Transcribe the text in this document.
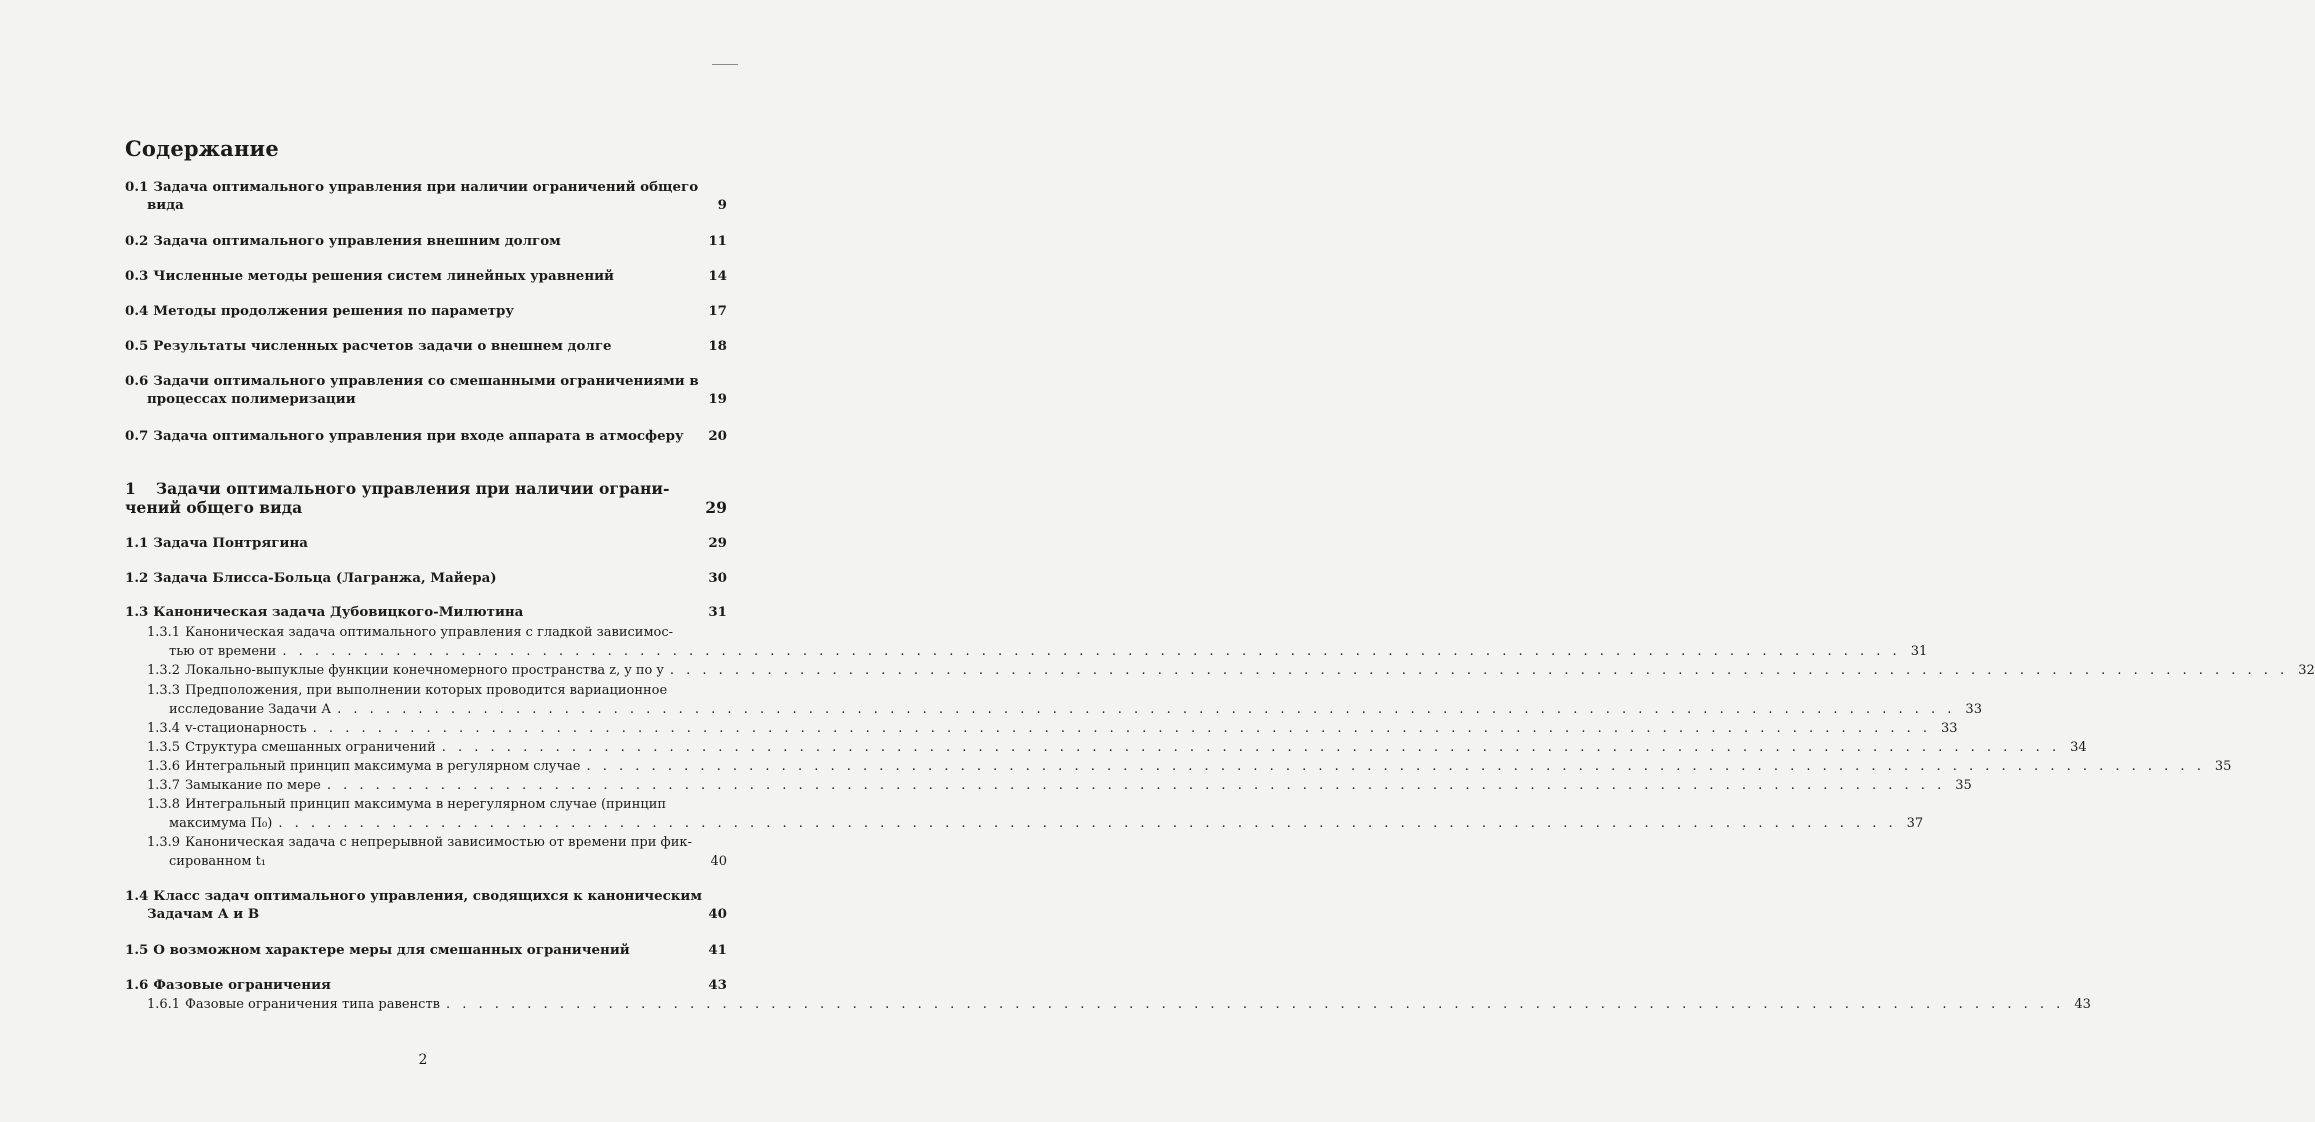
Содержание
0.1 Задача оптимального управления при наличии ограничений общего
вида	9
0.2 Задача оптимального управления внешним долгом	11
0.3 Численные методы решения систем линейных уравнений	14
0.4 Методы продолжения решения по параметру	17
0.5 Результаты численных расчетов задачи о внешнем долге	18
0.6 Задачи оптимального управления со смешанными ограничениями в
процессах полимеризации	19
0.7 Задача оптимального управления при входе аппарата в атмосферу 20
1 Задачи оптимального управления при наличии ограни-
чений общего вида	29
1.1 Задача Понтрягина	29
1.2 Задача Блисса-Больца (Лагранжа, Майера)	30
1.3 Каноническая задача Дубовицкого-Милютина	31
1.3.1 Каноническая задача оптимального управления с гладкой зависимос-
тью от времени . . .	31
1.3.2 Локально-выпуклые функции конечномерного пространства z, y по y . . .	32
1.3.3 Предположения, при выполнении которых проводится вариационное
исследование Задачи А . . .	33
1.3.4 v-стационарность . . .	33
1.3.5 Структура смешанных ограничений . . .	34
1.3.6 Интегральный принцип максимума в регулярном случае . . .	35
1.3.7 Замыкание по мере . . .	35
1.3.8 Интегральный принцип максимума в нерегулярном случае (принцип
максимума П₀) . . .	37
1.3.9 Каноническая задача с непрерывной зависимостью от времени при фик-
сированном t₁	40
1.4 Класс задач оптимального управления, сводящихся к каноническим
Задачам А и В	40
1.5 О возможном характере меры для смешанных ограничений	41
1.6 Фазовые ограничения	43
1.6.1 Фазовые ограничения типа равенств . . .	43
2
